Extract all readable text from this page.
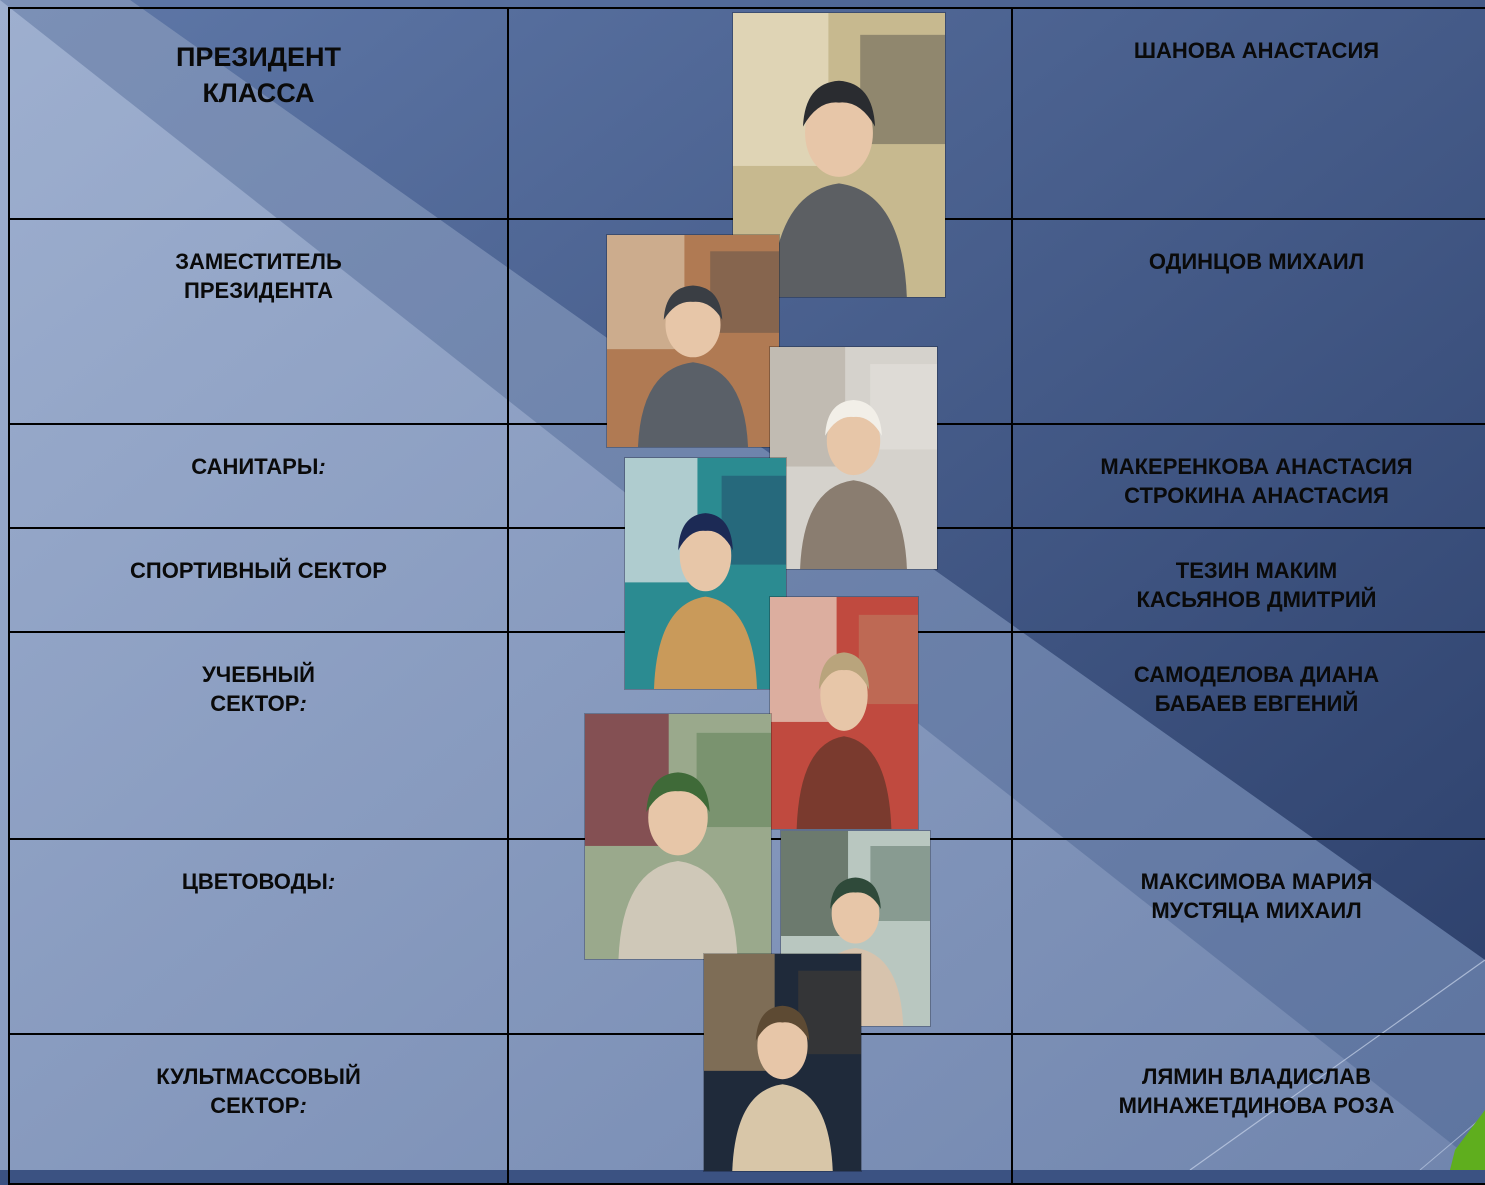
ПРЕЗИДЕНТ
КЛАССА		ШАНОВА АНАСТАСИЯ

ЗАМЕСТИТЕЛЬ
ПРЕЗИДЕНТА		ОДИНЦОВ МИХАИЛ

САНИТАРЫ:		МАКЕРЕНКОВА АНАСТАСИЯ
СТРОКИНА АНАСТАСИЯ

СПОРТИВНЫЙ СЕКТОР		ТЕЗИН МАКИМ
КАСЬЯНОВ ДМИТРИЙ

УЧЕБНЫЙ
СЕКТОР:		САМОДЕЛОВА ДИАНА
БАБАЕВ ЕВГЕНИЙ

ЦВЕТОВОДЫ:		МАКСИМОВА МАРИЯ
МУСТЯЦА МИХАИЛ

КУЛЬТМАССОВЫЙ
СЕКТОР:		ЛЯМИН ВЛАДИСЛАВ
МИНАЖЕТДИНОВА РОЗА
